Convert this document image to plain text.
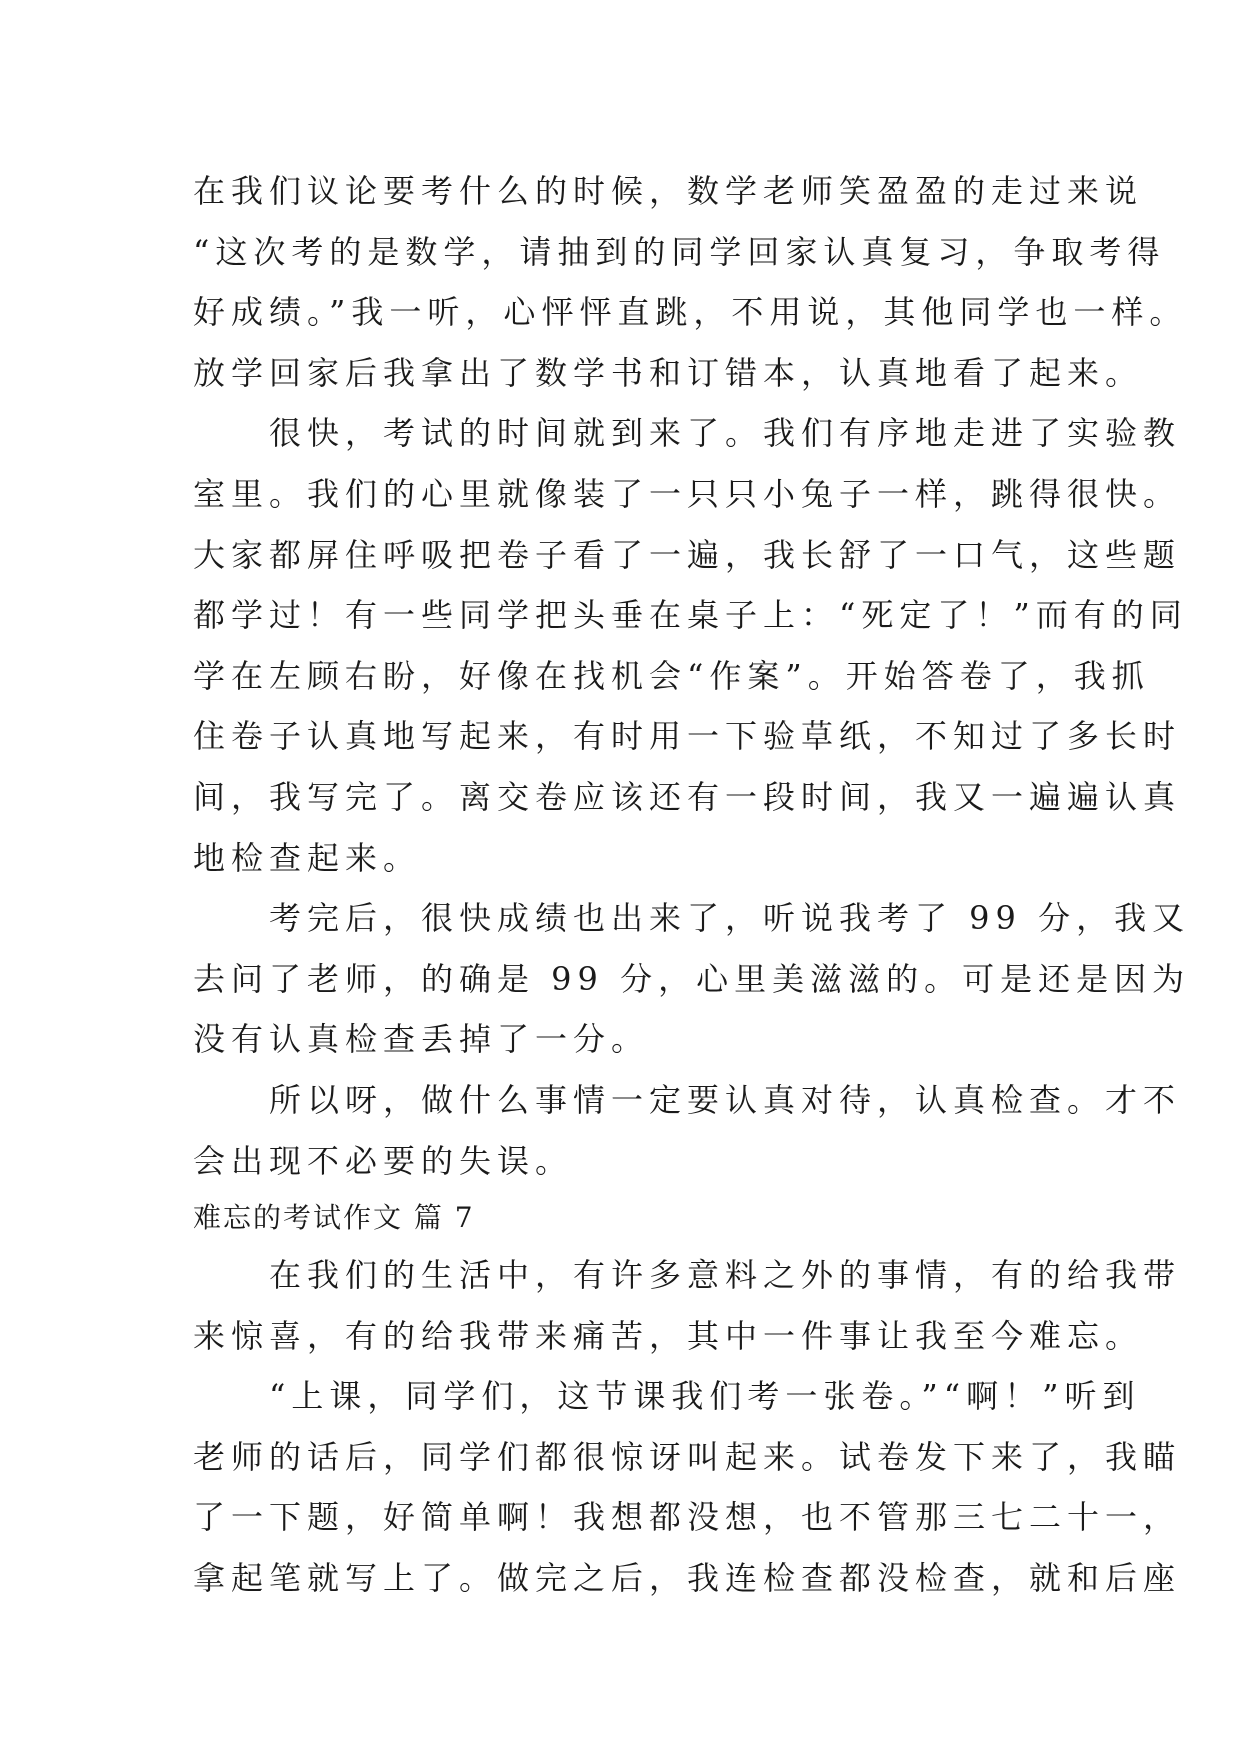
在我们议论要考什么的时候，数学老师笑盈盈的走过来说
“这次考的是数学，请抽到的同学回家认真复习，争取考得
好成绩。”我一听，心怦怦直跳，不用说，其他同学也一样。
放学回家后我拿出了数学书和订错本，认真地看了起来。
　　很快，考试的时间就到来了。我们有序地走进了实验教
室里。我们的心里就像装了一只只小兔子一样，跳得很快。
大家都屏住呼吸把卷子看了一遍，我长舒了一口气，这些题
都学过！有一些同学把头垂在桌子上：“死定了！”而有的同
学在左顾右盼，好像在找机会“作案”。开始答卷了，我抓
住卷子认真地写起来，有时用一下验草纸，不知过了多长时
间，我写完了。离交卷应该还有一段时间，我又一遍遍认真
地检查起来。
　　考完后，很快成绩也出来了，听说我考了 99 分，我又
去问了老师，的确是 99 分，心里美滋滋的。可是还是因为
没有认真检查丢掉了一分。
　　所以呀，做什么事情一定要认真对待，认真检查。才不
会出现不必要的失误。
难忘的考试作文 篇 7
　　在我们的生活中，有许多意料之外的事情，有的给我带
来惊喜，有的给我带来痛苦，其中一件事让我至今难忘。
　　“上课，同学们，这节课我们考一张卷。”“啊！”听到
老师的话后，同学们都很惊讶叫起来。试卷发下来了，我瞄
了一下题，好简单啊！我想都没想，也不管那三七二十一，
拿起笔就写上了。做完之后，我连检查都没检查，就和后座
